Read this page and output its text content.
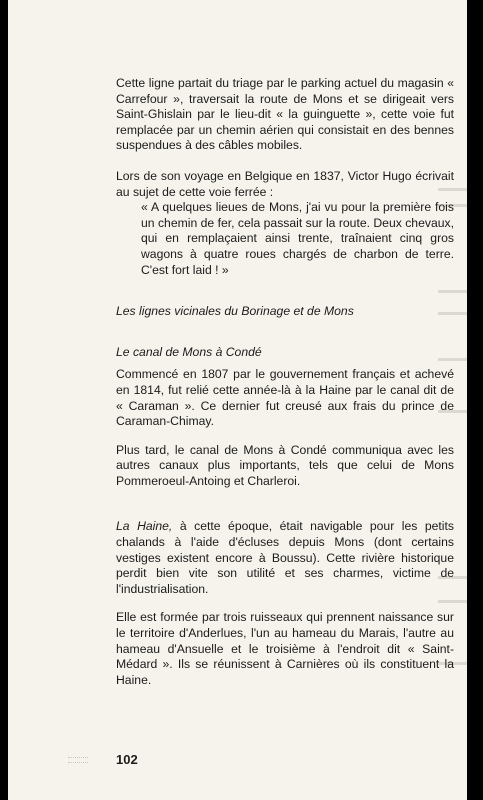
Cette ligne partait du triage par le parking actuel du magasin « Carrefour », traversait la route de Mons et se dirigeait vers Saint-Ghislain par le lieu-dit « la guinguette », cette voie fut remplacée par un chemin aérien qui consistait en des bennes suspendues à des câbles mobiles.

Lors de son voyage en Belgique en 1837, Victor Hugo écrivait au sujet de cette voie ferrée :

« A quelques lieues de Mons, j'ai vu pour la première fois un chemin de fer, cela passait sur la route. Deux chevaux, qui en remplaçaient ainsi trente, traînaient cinq gros wagons à quatre roues chargés de charbon de terre. C'est fort laid ! »

Les lignes vicinales du Borinage et de Mons

Le canal de Mons à Condé

Commencé en 1807 par le gouvernement français et achevé en 1814, fut relié cette année-là à la Haine par le canal dit de « Caraman ». Ce dernier fut creusé aux frais du prince de Caraman-Chimay.

Plus tard, le canal de Mons à Condé communiqua avec les autres canaux plus importants, tels que celui de Mons Pommeroeul-Antoing et Charleroi.

La Haine, à cette époque, était navigable pour les petits chalands à l'aide d'écluses depuis Mons (dont certains vestiges existent encore à Boussu). Cette rivière historique perdit bien vite son utilité et ses charmes, victime de l'industrialisation.

Elle est formée par trois ruisseaux qui prennent naissance sur le territoire d'Anderlues, l'un au hameau du Marais, l'autre au hameau d'Ansuelle et le troisième à l'endroit dit « Saint-Médard ». Ils se réunissent à Carnières où ils constituent la Haine.

102
